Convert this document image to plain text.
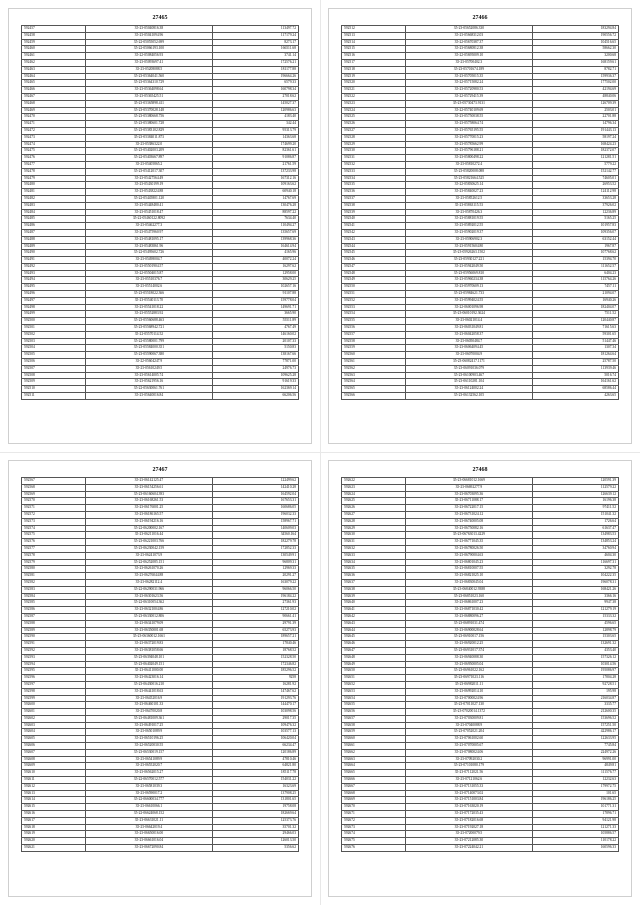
27465
592457	35-23-05040816.38	113497.72
592458	35-23-05041094.96	117179.24
592459	35-22-05055052.699	8273.17
592460	35-22-05066193.100	166511.68
592461	35-22-05084056.93	3741.14
592462	35-23-05093697.41	172576.21
592463	35-23-05208088.5	181177.88
592464	35-23-05364041.560	196664.26
592465	35-23-05364310.729	6579.33
592466	35-23-05364098.64	160798.34
592467	35-23-05365425.51	27018.62
592468	35-23-05365898.411	145027.37
592469	35-23-05370028.148	120986.63
592470	35-23-05380668.756	4183.40
592471	35-23-05380601.728	342.44
592472	35-23-05383102.829	95313.79
592473	35-23-05384011.873	14363.68
592474	35-23-05386322.0	174699.20
592475	35-23-05402003.209	82361.61
592476	35-22-05403667.897	91086.87
592477	35-23-05405865.2	21761.59
592478	35-23-05412017.307	137233.98
592479	35-23-05427564.49	167312.16
592480	35-23-05430199.19	109163.62
592481	35-23-05438224.88	60940.18
592482	35-22-05445801.120	14767.69
592483	35-23-05448480.41	130476.28
592484	35-23-05451018.47	88597.22
592485	35-22-05460122.8092	7634.40
592486	35-23-05462277.3	110494.27
592487	35-23-05475960.97	135657.69
592488	35-23-05481095.17	139968.36
592489	35-23-05483861.96	164614.94
592490	35-22-05495602.726	4165.96
592491	35-23-05498004.7	40072.24
592492	35-23-05501904.57	16297.62
592493	35-22-05504015.87	12958.00
592494	35-23-05510376.7	30629.25
592495	35-23-05514002.6	102657.16
592496	35-23-05518022.366	91107.88
592497	35-23-05540113.70	159778.04
592498	35-23-05541018.22	149691.71
592499	35-23-05552883.92	3665.90
592500	35-23-05560688.463	55511.89
592501	35-23-05568942.721	4767.49
592502	35-22-05570114.52	146160.02
592503	35-22-05580001.799	20107.33
592504	35-23-05584000.351	5150.83
592505	35-23-05590067.380	138167.66
592506	35-22-05604247.9	77871.00
592507	35-23-05610249.5	24976.73
592508	35-23-05614005.74	109625.28
592509	35-23-05621956.16	91619.33
592510	35-22-05630061.761	162369.14
592511	35-23-05640016.84	66206.56
27466
592512	35-23-05652086.330	183294.84
592513	35-23-05668312.03	190556.72
592514	35-22-05670387.37	104516.65
592515	35-23-05680812.38	58662.30
592516	35-22-05695009.10	3200.68
592517	35-23-05700402.3	168159.61
592518	35-23-05701674.189	8782.71
592519	35-23-05705015.35	159936.37
592520	35-22-05715082.24	177502.00
592521	35-23-05720980.53	42194.69
592522	35-22-05729415.39	48840.06
592523	35-23-05730473.9131	126709.39
592524	35-22-05740109.69	2503.01
592525	35-23-05750038.55	22701.88
592526	35-23-05758064.74	14796.34
592527	35-23-05765195.55	191443.13
592528	35-23-05770015.23	58197.24
592529	35-23-05785662.99	168424.23
592530	35-23-05796188.21	182372.07
592531	35-23-05800498.22	121281.51
592532	35-23-05810272.4	5779.22
592533	35-23-05820008.088	152142.77
592534	35-23-05821664.525	74605.01
592535	35-22-05830625.14	26953.52
592536	35-23-05840027.23	124112.98
592537	35-23-05852612.5	33653.28
592538	35-23-05863115.53	37926.02
592539	35-23-05870426.3	12236.89
592540	35-23-05881019.55	5165.25
592541	35-23-05892012.55	101957.83
592542	35-23-05902019.37	109356.07
592543	35-23-05906902.3	63152.44
592544	35-23-05915604.80	1967.87
592545	35-23-05926263.1502	107768.62
592546	35-23-05930127.221	15394.70
592547	35-23-05942049.50	111652.57
592548	35-23-05956069.810	6404.23
592549	35-23-05960234.38	115764.26
592550	35-23-05970609.13	7457.11
592551	35-23-05984621.733	21094.07
592552	35-23-05994024.55	16940.26
592553	35-22-06001096.98	182404.07
592554	35-23-06010192.3624	7511.52
592555	35-23-06021014.4	120440.87
592556	35-23-06031049.81	71615.63
592557	35-23-06042058.37	59301.65
592558	35-23-06050484.7	51447.46
592559	35-23-06064094.45	1307.34
592560	35-23-06070004.9	181264.64
592561	35-23-06082417.1171	25787.50
592562	35-23-06091036.079	113939.46
592563	35-23-06100903.467	5016.74
592564	35-23-06110281.104	164161.62
592565	35-23-06124002.24	68586.44
592566	35-23-06132562.105	4263.65
27467
592567	35-23-06142125.47	122499.62
592568	35-23-06154256.61	142410.28
592569	35-23-06160604.393	164592.04
592570	35-23-06168261.53	167653.31
592571	35-23-06176001.25	160686.05
592572	35-23-06186165.57	196032.33
592573	35-23-06194216.16	158967.71
592574	35-22-06200002.167	140609.03
592575	35-23-06211016.44	34560.164
592576	35-23-06221003.766	182279.78
592577	35-23-06230042.159	172852.33
592578	35-23-06241073.9	130549.91
592579	35-22-06252085.151	96809.31
592580	35-23-06261070.26	12969.33
592581	35-23-06276044.88	20291.27
592582	35-23-06282112.4	163079.22
592583	35-22-06290031.966	96066.50
592584	35-23-06301623.56	196184.22
592585	35-22-06310054.362	27361.93
592586	35-23-06321004.86	127210.02
592587	35-23-06330012.806	90661.41
592588	35-23-06341079.09	29791.39
592589	35-23-06350001.68	65273.93
592590	35-23-06360012.1661	189657.21
592591	35-23-06372019.83	17840.46
592592	35-23-06381058.66	18768.52
592593	35-23-06394048.101	152328.50
592594	35-23-06402049.151	172346.82
592595	35-23-06411000.00	185296.52
592596	35-23-06423016.14	9258
592597	35-23-06430016.210	16281.92
592598	35-23-06441018.63	147467.62
592599	35-23-06452016.9	191293.76
592600	35-23-06460101.33	144470.17
592601	35-23-06470020.8	103098.56
592602	35-23-06481009.361	29017.35
592603	35-23-06491017.25	109476.32
592604	35-23-06501089.9	103577.13
592605	35-23-06510196.25	106420.04
592606	35-22-06520030.55	66234.47
592607	35-23-06530019.157	120186.89
592608	35-23-06541089.9	47810.46
592609	35-23-06552020.7	64821.80
592610	35-23-06562015.27	185117.78
592611	35-22-06570012.577	154031.22
592612	35-23-06581039.3	16323.69
592613	35-23-06590017.2	137908.25
592614	35-22-06600034.777	131801.65
592615	35-23-06610066.1	19758.08
592616	35-22-06624068.152	182669.64
592617	35-23-06631021.11	125373.76
592618	35-23-06642019.4	35701.32
592619	35-23-06650016.00	29466.03
592620	35-23-06661016.04	126013.50
592621	35-23-06672090.84	5356.62
27468
592622	35-23-06681012.1669	120591.39
592623	35-23-06692277.9	112579.22
592624	35-23-06703095.36	126639.12
592625	35-23-06711088.17	16196.38
592626	35-23-06722017.15	97411.52
592627	35-23-06731024.12	151041.32
592628	35-23-06740005.08	1726.64
592629	35-23-06750082.16	61637.47
592630	35-23-06763013.4229	134983.53
592631	35-23-06771045.35	134853.24
592632	35-23-06780026.50	34760.94
592633	35-23-06790004.63	4604.30
592634	35-23-06801045.23	116697.31
592635	35-23-06810007.55	3292.78
592636	35-23-06821025.10	104222.35
592637	35-23-06830045.04	196078.31
592638	35-23-06840012.9388	168421.26
592639	35-23-06851023.160	3366.16
592640	35-23-06861007.23	9947.38
592641	35-23-06871030.42	121279.19
592642	35-23-06880096.27	15333.32
592643	35-23-06891031.474	4596.65
592644	35-23-06900028.64	12898.79
592645	35-23-06910017.156	15303.65
592646	35-23-06920012.25	132691.32
592647	35-23-06931017.374	4353.40
592648	35-23-06940088.30	157326.12
592649	35-23-06950005.04	103014.56
592650	35-23-06961022.162	195086.97
592651	35-23-06971023.116	17804.28
592652	35-23-06982011.11	92728.51
592653	35-23-06992014.10	195.98
592654	35-23-07000024.96	216034.87
592655	35-23-07011027.130	3335.77
592656	35-23-07020014.1372	212600.35
592657	35-23-07030009.81	153696.52
592658	35-23-07040088.9	157251.50
592659	35-23-07052021.204	422986.17
592660	35-23-07061002.60	122633.95
592661	35-23-07070005.67	7745.84
592662	35-23-07080024.06	224972.26
592663	35-23-07092030.2	96991.00
592664	35-23-07101080.179	4849.81
592665	35-23-07112021.56	111576.77
592666	35-23-07121062.6	12232.63
592667	35-23-07131055.33	179972.75
592668	35-23-07140073.02	101.65
592669	35-23-07151003.84	196186.25
592670	35-23-07163020.19	101771.31
592671	35-23-07172035.43	17896.71
592672	35-23-07182016.68	94121.98
592673	35-23-07192027.18	121271.33
592674	35-23-07200079.5	105886.57
592675	35-23-07212085.30	110178.22
592676	35-23-07224042.21	160596.33
